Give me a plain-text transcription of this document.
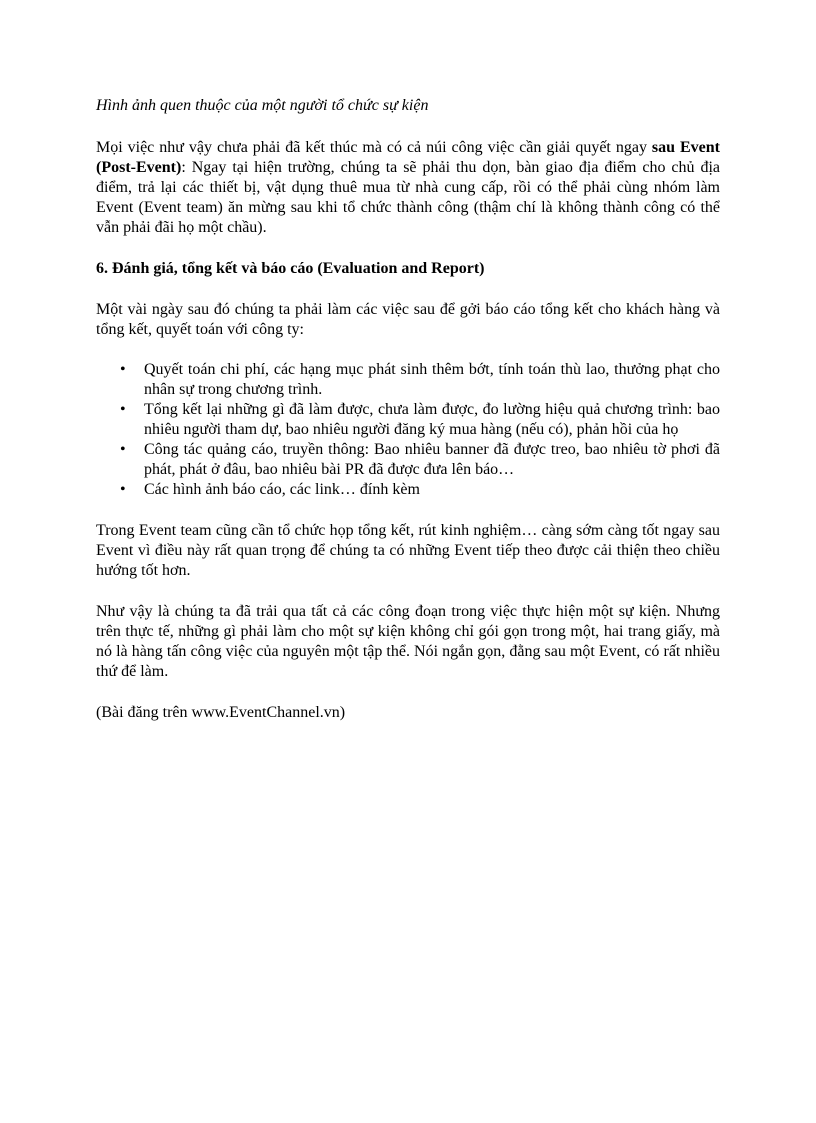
Hình ảnh quen thuộc của một người tổ chức sự kiện

Mọi việc như vậy chưa phải đã kết thúc mà có cả núi công việc cần giải quyết ngay sau Event (Post-Event): Ngay tại hiện trường, chúng ta sẽ phải thu dọn, bàn giao địa điểm cho chủ địa điểm, trả lại các thiết bị, vật dụng thuê mua từ nhà cung cấp, rồi có thể phải cùng nhóm làm Event (Event team) ăn mừng sau khi tổ chức thành công (thậm chí là không thành công có thể vẫn phải đãi họ một chầu).

6. Đánh giá, tổng kết và báo cáo (Evaluation and Report)

Một vài ngày sau đó chúng ta phải làm các việc sau để gởi báo cáo tổng kết cho khách hàng và tổng kết, quyết toán với công ty:

•	Quyết toán chi phí, các hạng mục phát sinh thêm bớt, tính toán thù lao, thưởng phạt cho nhân sự trong chương trình.
•	Tổng kết lại những gì đã làm được, chưa làm được, đo lường hiệu quả chương trình: bao nhiêu người tham dự, bao nhiêu người đăng ký mua hàng (nếu có), phản hồi của họ
•	Công tác quảng cáo, truyền thông: Bao nhiêu banner đã được treo, bao nhiêu tờ phơi đã phát, phát ở đâu, bao nhiêu bài PR đã được đưa lên báo…
•	Các hình ảnh báo cáo, các link… đính kèm

Trong Event team cũng cần tổ chức họp tổng kết, rút kinh nghiệm… càng sớm càng tốt ngay sau Event vì điều này rất quan trọng để chúng ta có những Event tiếp theo được cải thiện theo chiều hướng tốt hơn.

Như vậy là chúng ta đã trải qua tất cả các công đoạn trong việc thực hiện một sự kiện. Nhưng trên thực tế, những gì phải làm cho một sự kiện không chỉ gói gọn trong một, hai trang giấy, mà nó là hàng tấn công việc của nguyên một tập thể. Nói ngắn gọn, đằng sau một Event, có rất nhiều thứ để làm.

(Bài đăng trên www.EventChannel.vn)
